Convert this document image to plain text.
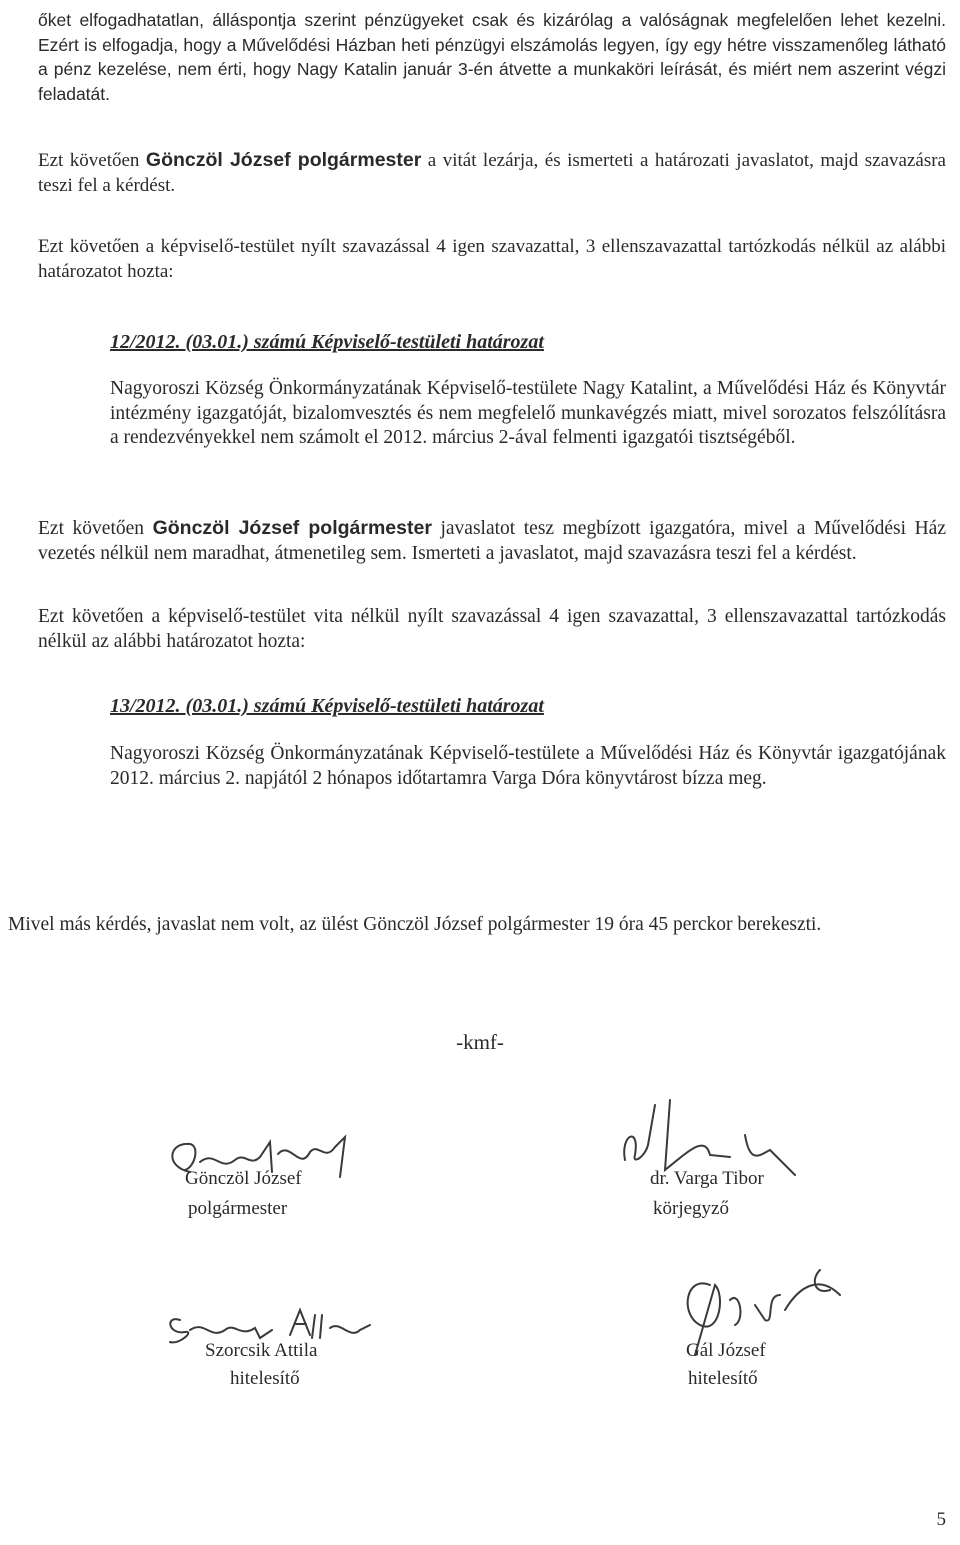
őket elfogadhatatlan, álláspontja szerint pénzügyeket csak és kizárólag a valóságnak megfelelően lehet kezelni. Ezért is elfogadja, hogy a Művelődési Házban heti pénzügyi elszámolás legyen, így egy hétre visszamenőleg látható a pénz kezelése, nem érti, hogy Nagy Katalin január 3-én átvette a munkaköri leírását, és miért nem aszerint végzi feladatát.

Ezt követően Gönczöl József polgármester a vitát lezárja, és ismerteti a határozati javaslatot, majd szavazásra teszi fel a kérdést.

Ezt követően a képviselő-testület nyílt szavazással 4 igen szavazattal, 3 ellenszavazattal tartózkodás nélkül az alábbi határozatot hozta:

12/2012. (03.01.) számú Képviselő-testületi határozat

Nagyoroszi Község Önkormányzatának Képviselő-testülete Nagy Katalint, a Művelődési Ház és Könyvtár intézmény igazgatóját, bizalomvesztés és nem megfelelő munkavégzés miatt, mivel sorozatos felszólításra a rendezvényekkel nem számolt el 2012. március 2-ával felmenti igazgatói tisztségéből.

Ezt követően Gönczöl József polgármester javaslatot tesz megbízott igazgatóra, mivel a Művelődési Ház vezetés nélkül nem maradhat, átmenetileg sem. Ismerteti a javaslatot, majd szavazásra teszi fel a kérdést.

Ezt követően a képviselő-testület vita nélkül nyílt szavazással 4 igen szavazattal, 3 ellenszavazattal tartózkodás nélkül az alábbi határozatot hozta:

13/2012. (03.01.) számú Képviselő-testületi határozat

Nagyoroszi Község Önkormányzatának Képviselő-testülete a Művelődési Ház és Könyvtár igazgatójának 2012. március 2. napjától 2 hónapos időtartamra Varga Dóra könyvtárost bízza meg.

Mivel más kérdés, javaslat nem volt, az ülést Gönczöl József polgármester 19 óra 45 perckor berekeszti.

-kmf-
Gönczöl József
polgármester
dr. Varga Tibor
körjegyző
Szorcsik Attila
hitelesítő
Gál József
hitelesítő
5
